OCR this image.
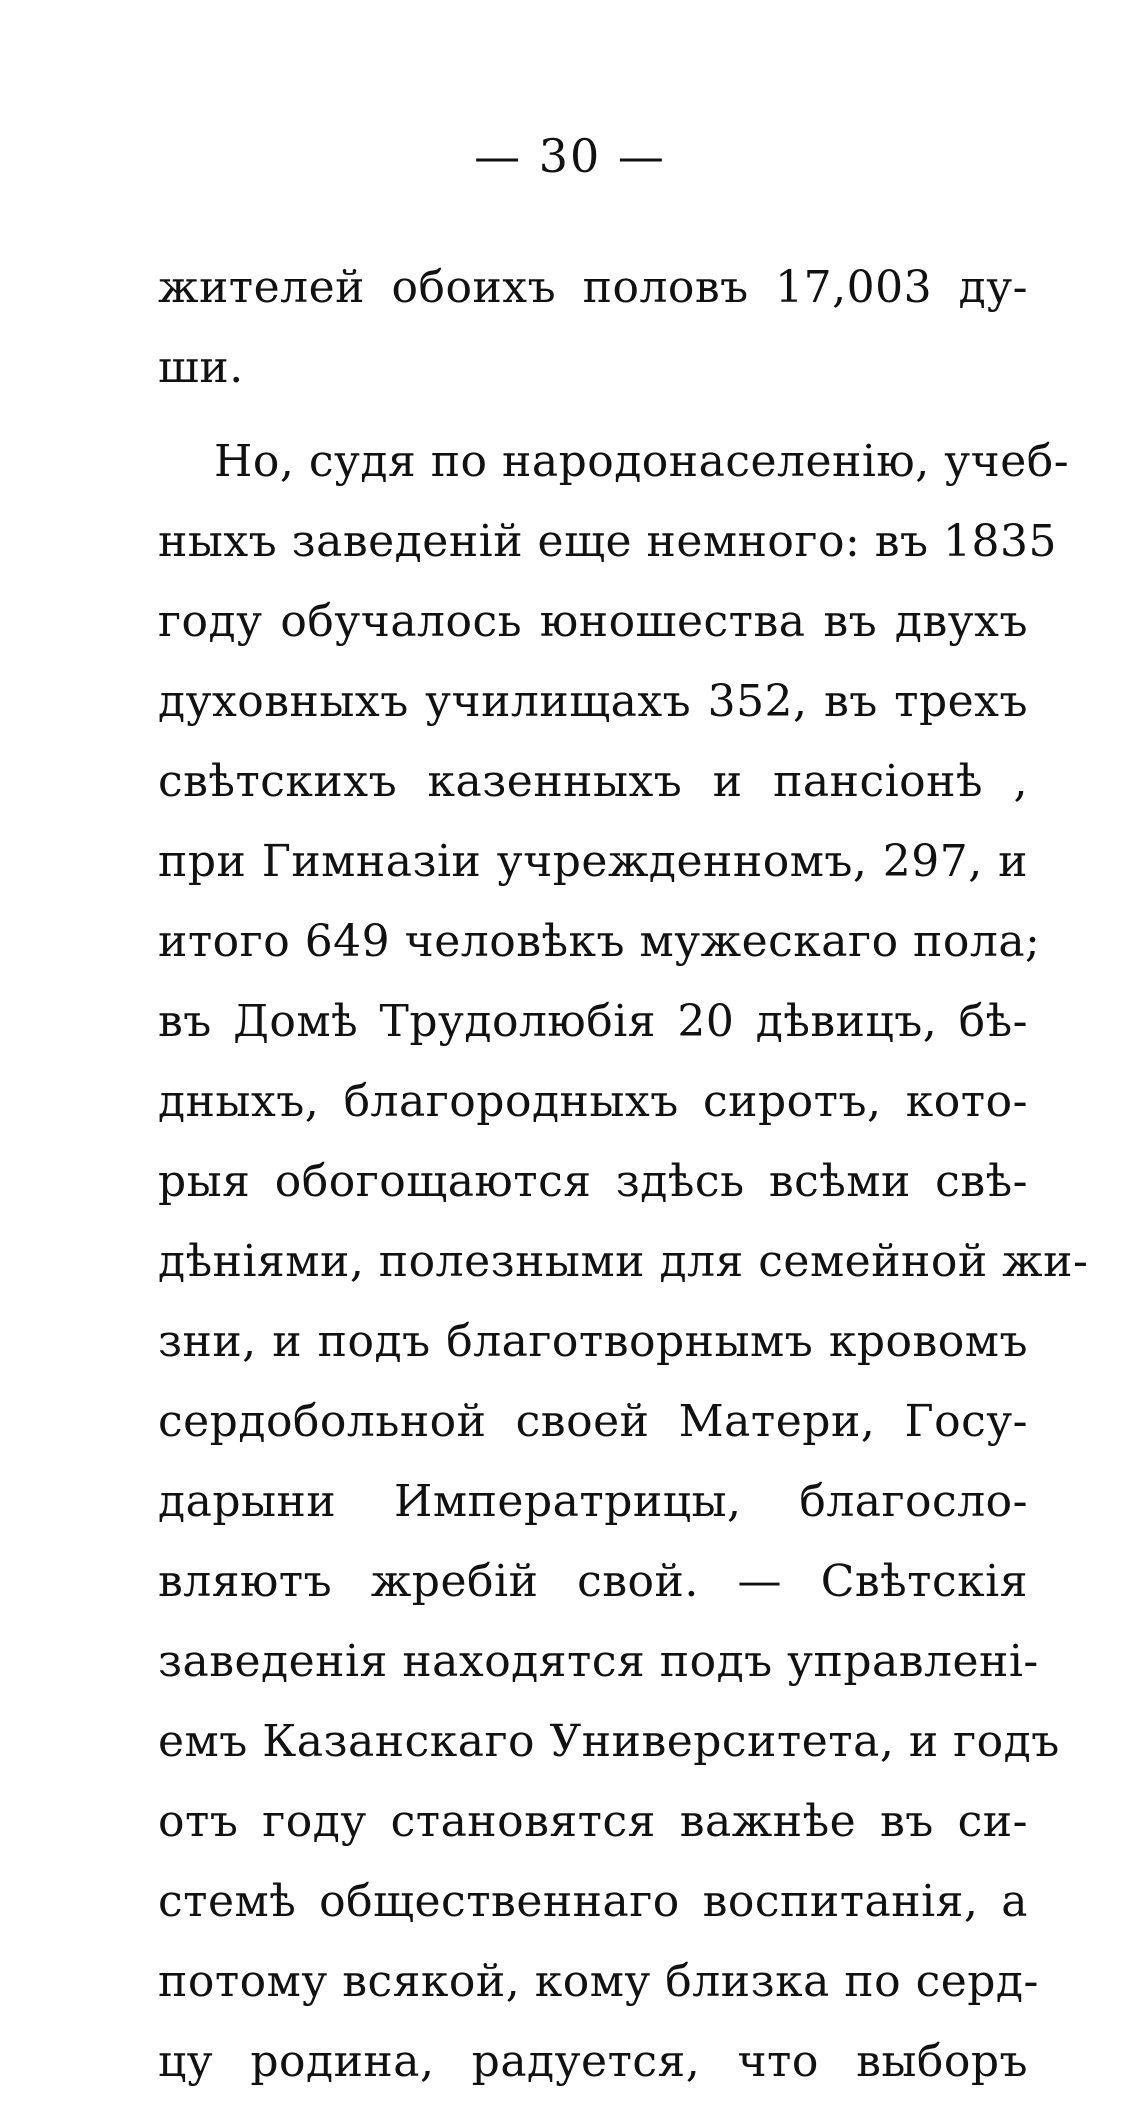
— 30 —
жителей обоихъ половъ 17,003 ду-
ши.
Но, судя по народонаселенію, учеб-
ныхъ заведеній еще немного: въ 1835
году обучалось юношества въ двухъ
духовныхъ училищахъ 352, въ трехъ
свѣтскихъ казенныхъ и пансіонѣ ,
при Гимназіи учрежденномъ, 297, и
итого 649 человѣкъ мужескаго пола;
въ Домѣ Трудолюбія 20 дѣвицъ, бѣ-
дныхъ, благородныхъ сиротъ, кото-
рыя обогощаются здѣсь всѣми свѣ-
дѣніями, полезными для семейной жи-
зни, и подъ благотворнымъ кровомъ
сердобольной своей Матери, Госу-
дарыни Императрицы, благосло-
вляютъ жребій свой. — Свѣтскія
заведенія находятся подъ управлені-
емъ Казанскаго Университета, и годъ
отъ году становятся важнѣе въ си-
стемѣ общественнаго воспитанія, а
потому всякой, кому близка по серд-
цу родина, радуется, что выборъ
